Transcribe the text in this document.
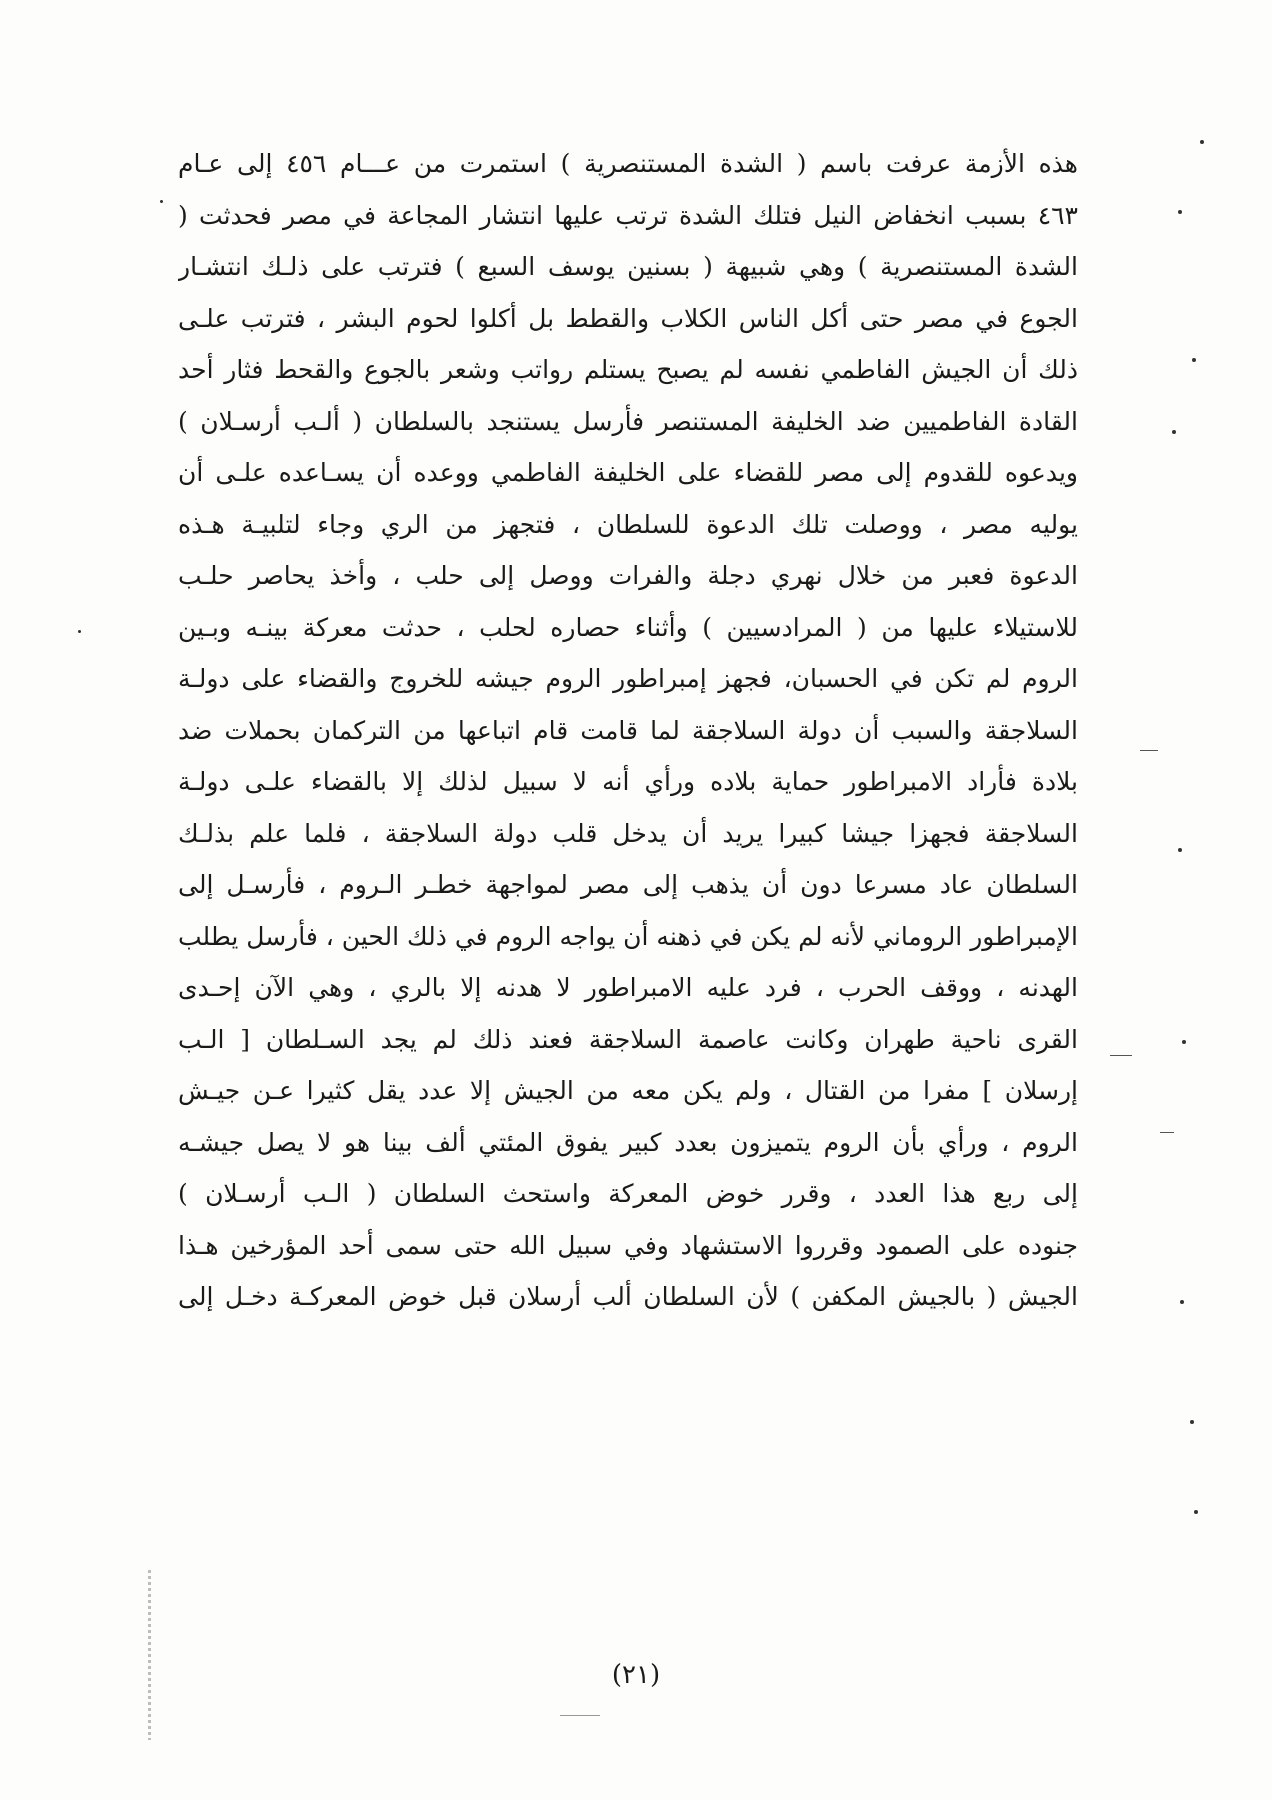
هذه الأزمة عرفت باسم ( الشدة المستنصرية ) استمرت من عـــام ٤٥٦ إلى عـام
٤٦٣ بسبب انخفاض النيل فتلك الشدة ترتب عليها انتشار المجاعة في مصر فحدثت (
الشدة المستنصرية ) وهي شبيهة ( بسنين يوسف السبع ) فترتب على ذلـك انتشـار
الجوع في مصر حتى أكل الناس الكلاب والقطط بل أكلوا لحوم البشر ، فترتب علـى
ذلك أن الجيش الفاطمي نفسه لم يصبح يستلم رواتب وشعر بالجوع والقحط فثار أحد
القادة الفاطميين ضد الخليفة المستنصر فأرسل يستنجد بالسلطان ( ألـب أرسـلان )
ويدعوه للقدوم إلى مصر للقضاء على الخليفة الفاطمي ووعده أن يسـاعده علـى أن
يوليه مصر ، ووصلت تلك الدعوة للسلطان ، فتجهز من الري وجاء لتلبيـة هـذه
الدعوة فعبر من خلال نهري دجلة والفرات ووصل إلى حلب ، وأخذ يحاصر حلـب
للاستيلاء عليها من ( المرادسيين ) وأثناء حصاره لحلب ، حدثت معركة بينـه وبـين
الروم لم تكن في الحسبان، فجهز إمبراطور الروم جيشه للخروج والقضاء على دولـة
السلاجقة والسبب أن دولة السلاجقة لما قامت قام اتباعها من التركمان بحملات ضد
بلادة فأراد الامبراطور حماية بلاده ورأي أنه لا سبيل لذلك إلا بالقضاء علـى دولـة
السلاجقة فجهزا جيشا كبيرا يريد أن يدخل قلب دولة السلاجقة ، فلما علم بذلـك
السلطان عاد مسرعا دون أن يذهب إلى مصر لمواجهة خطـر الـروم ، فأرسـل إلى
الإمبراطور الروماني لأنه لم يكن في ذهنه أن يواجه الروم في ذلك الحين ، فأرسل يطلب
الهدنه ، ووقف الحرب ، فرد عليه الامبراطور لا هدنه إلا بالري ، وهي الآن إحـدى
القرى ناحية طهران وكانت عاصمة السلاجقة فعند ذلك لم يجد السـلطان [ الـب
إرسلان ] مفرا من القتال ، ولم يكن معه من الجيش إلا عدد يقل كثيرا عـن جيـش
الروم ، ورأي بأن الروم يتميزون بعدد كبير يفوق المئتي ألف بينا هو لا يصل جيشـه
إلى ربع هذا العدد ، وقرر خوض المعركة واستحث السلطان ( الـب أرسـلان )
جنوده على الصمود وقرروا الاستشهاد وفي سبيل الله حتى سمى أحد المؤرخين هـذا
الجيش ( بالجيش المكفن ) لأن السلطان ألب أرسلان قبل خوض المعركـة دخـل إلى
(٢١)
